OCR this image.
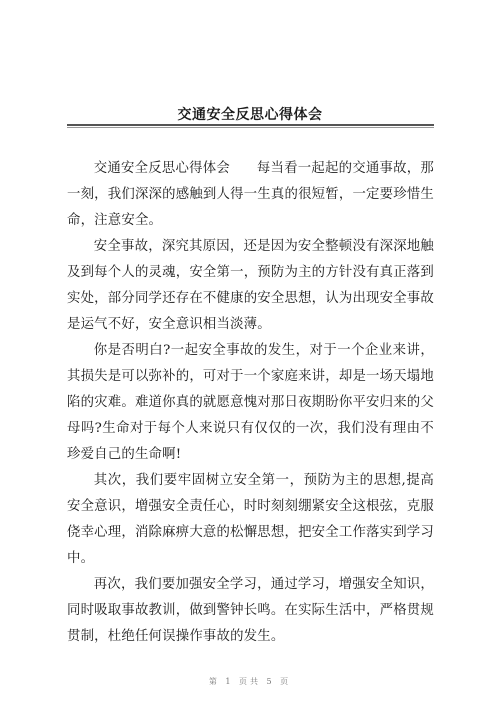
交通安全反思心得体会

交通安全反思心得体会 每当看一起起的交通事故，那一刻，我们深深的感触到人得一生真的很短暂，一定要珍惜生命，注意安全。

安全事故，深究其原因，还是因为安全整顿没有深深地触及到每个人的灵魂，安全第一，预防为主的方针没有真正落到实处，部分同学还存在不健康的安全思想，认为出现安全事故是运气不好，安全意识相当淡薄。

你是否明白?一起安全事故的发生，对于一个企业来讲，其损失是可以弥补的，可对于一个家庭来讲，却是一场天塌地陷的灾难。难道你真的就愿意愧对那日夜期盼你平安归来的父母吗?生命对于每个人来说只有仅仅的一次，我们没有理由不珍爱自己的生命啊!

其次，我们要牢固树立安全第一，预防为主的思想,提高安全意识，增强安全责任心，时时刻刻绷紧安全这根弦，克服侥幸心理，消除麻痹大意的松懈思想，把安全工作落实到学习中。

再次，我们要加强安全学习，通过学习，增强安全知识，同时吸取事故教训，做到警钟长鸣。在实际生活中，严格贯规贯制，杜绝任何误操作事故的发生。

第 1 页共 5 页
